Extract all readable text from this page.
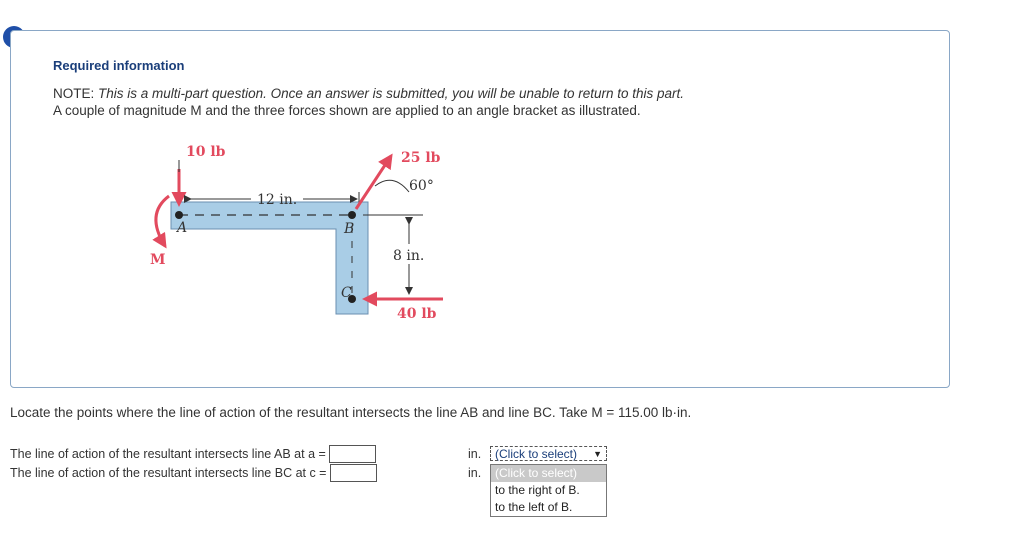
Required information
NOTE: This is a multi-part question. Once an answer is submitted, you will be unable to return to this part.
A couple of magnitude M and the three forces shown are applied to an angle bracket as illustrated.
10 lb
12 in.
25 lb
60°
8 in.
40 lb
A	B
C
M
Locate the points where the line of action of the resultant intersects the line AB and line BC. Take M = 115.00 lb·in.
The line of action of the resultant intersects line AB at a =
The line of action of the resultant intersects line BC at c =
in.
in.
(Click to select) ▼
(Click to select)
to the right of B.
to the left of B.
